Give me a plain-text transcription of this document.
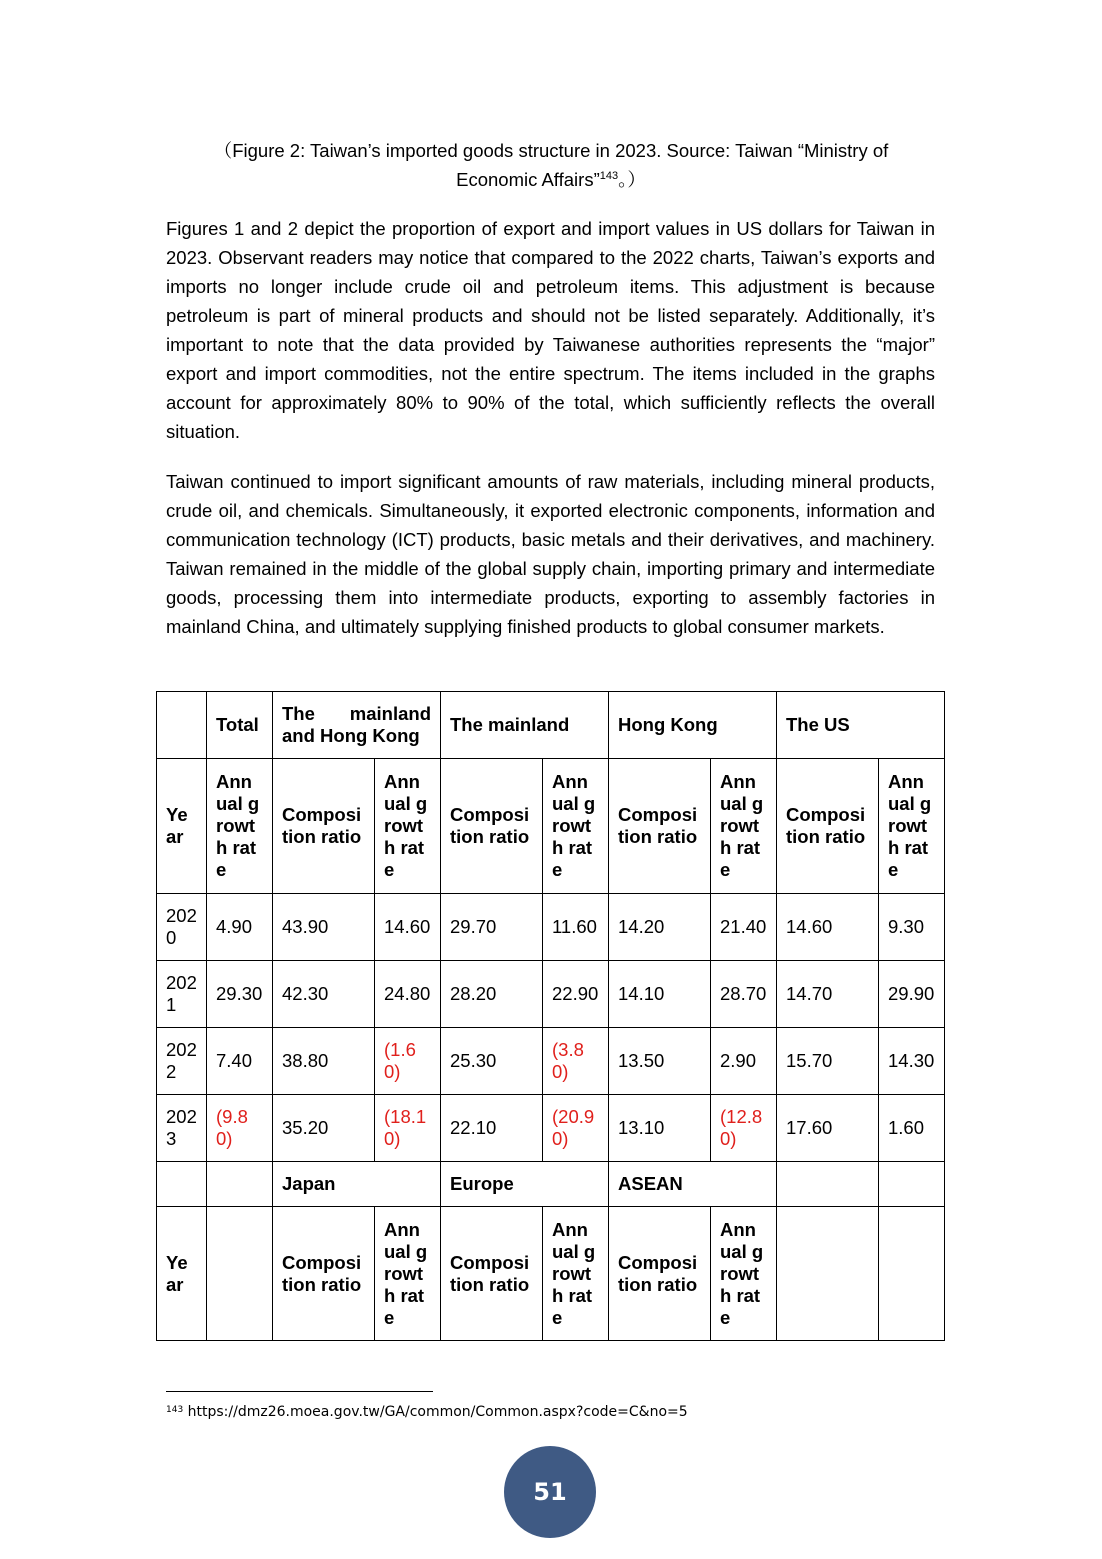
（Figure 2: Taiwan’s imported goods structure in 2023. Source: Taiwan “Ministry of
Economic Affairs”$^{143}$。）

Figures 1 and 2 depict the proportion of export and import values in US dollars for Taiwan in 2023. Observant readers may notice that compared to the 2022 charts, Taiwan’s exports and imports no longer include crude oil and petroleum items. This adjustment is because petroleum is part of mineral products and should not be listed separately. Additionally, it’s important to note that the data provided by Taiwanese authorities represents the “major” export and import commodities, not the entire spectrum. The items included in the graphs account for approximately 80% to 90% of the total, which sufficiently reflects the overall situation.

Taiwan continued to import significant amounts of raw materials, including mineral products, crude oil, and chemicals. Simultaneously, it exported electronic components, information and communication technology (ICT) products, basic metals and their derivatives, and machinery. Taiwan remained in the middle of the global supply chain, importing primary and intermediate goods, processing them into intermediate products, exporting to assembly factories in mainland China, and ultimately supplying finished products to global consumer markets.

	Total	The mainland
and Hong Kong		The mainland		Hong Kong		The US	
Year	Annual growth rate	Composition ratio	Annual growth rate	Composition ratio	Annual growth rate	Composition ratio	Annual growth rate	Composition ratio	Annual growth rate
2020	4.90	43.90	14.60	29.70	11.60	14.20	21.40	14.60	9.30
2021	29.30	42.30	24.80	28.20	22.90	14.10	28.70	14.70	29.90
2022	7.40	38.80	(1.60)	25.30	(3.80)	13.50	2.90	15.70	14.30
2023	(9.80)	35.20	(18.10)	22.10	(20.90)	13.10	(12.80)	17.60	1.60
		Japan		Europe		ASEAN			
Year		Composition ratio	Annual growth rate	Composition ratio	Annual growth rate	Composition ratio	Annual growth rate		
$^{143}$ https://dmz26.moea.gov.tw/GA/common/Common.aspx?code=C&no=5
51
